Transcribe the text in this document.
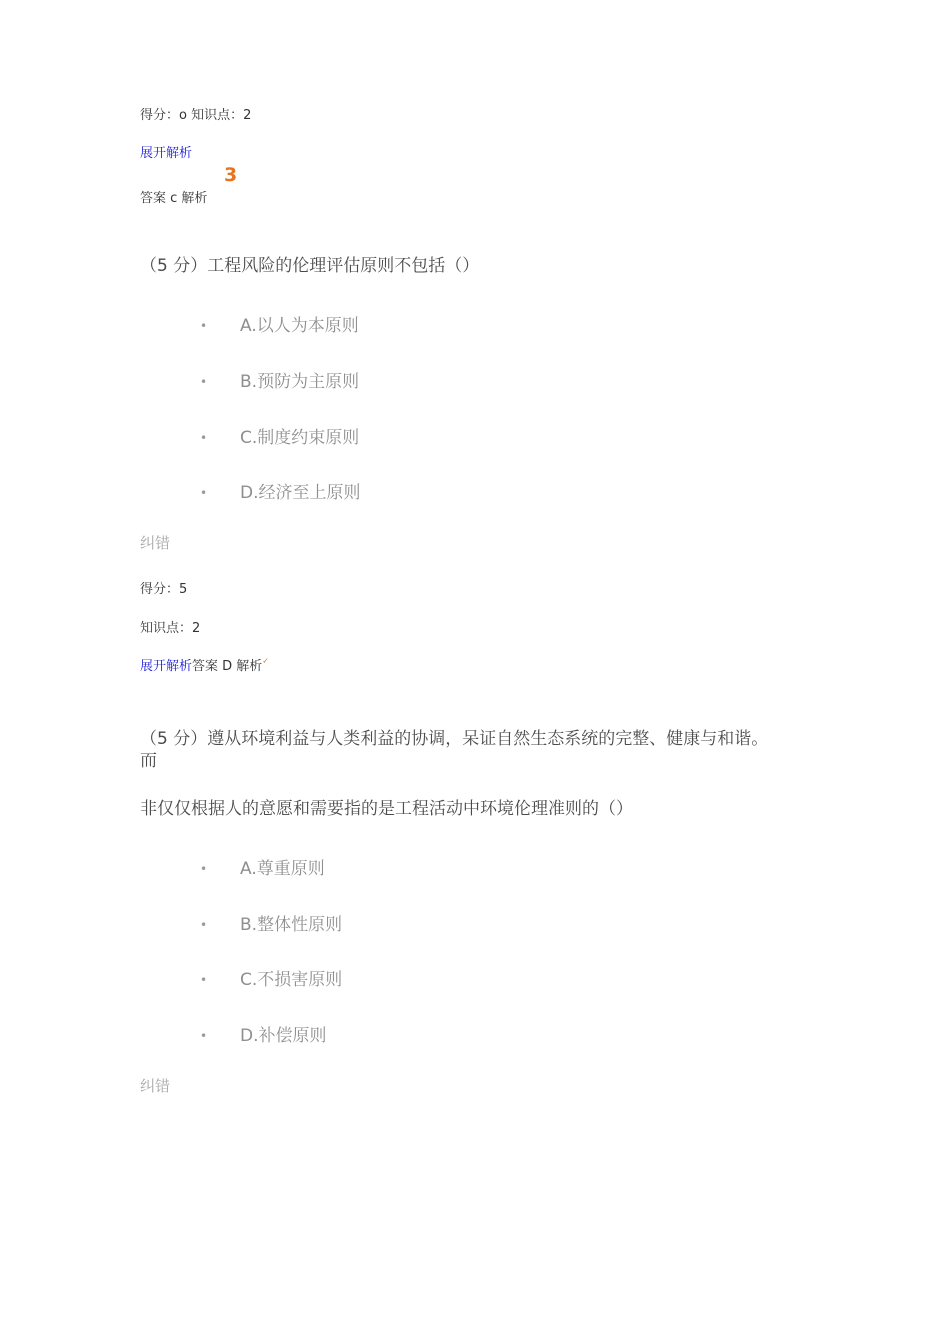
得分：o 知识点：2
展开解析
3
答案 c 解析
（5 分）工程风险的伦理评估原则不包括（）
• A.以人为本原则
• B.预防为主原则
• C.制度约束原则
• D.经济至上原则
纠错
得分：5
知识点：2
展开解析答案 D 解析✓
（5 分）遵从环境利益与人类利益的协调，呆证自然生态系统的完整、健康与和谐。
而
非仅仅根据人的意愿和需要指的是工程活动中环境伦理准则的（）
• A.尊重原则
• B.整体性原则
• C.不损害原则
• D.补偿原则
纠错
